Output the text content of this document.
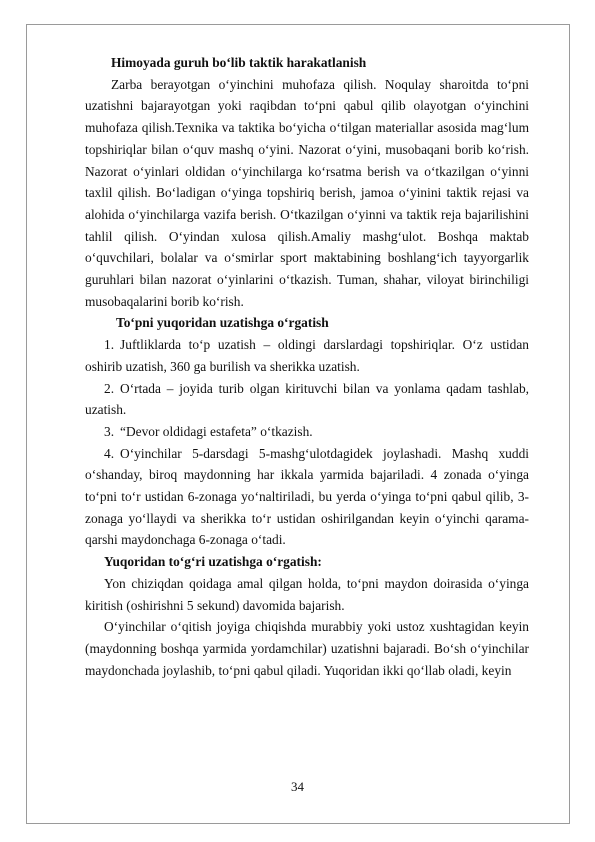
Himoyada guruh bo‘lib taktik harakatlanish

Zarba berayotgan o‘yinchini muhofaza qilish. Noqulay sharoitda to‘pni uzatishni bajarayotgan yoki raqibdan to‘pni qabul qilib olayotgan o‘yinchini muhofaza qilish.Texnika va taktika bo‘yicha o‘tilgan materiallar asosida mag‘lum topshiriqlar bilan o‘quv mashq o‘yini. Nazorat o‘yini, musobaqani borib ko‘rish. Nazorat o‘yinlari oldidan o‘yinchilarga ko‘rsatma berish va o‘tkazilgan o‘yinni taxlil qilish. Bo‘ladigan o‘yinga topshiriq berish, jamoa o‘yinini taktik rejasi va alohida o‘yinchilarga vazifa berish. O‘tkazilgan o‘yinni va taktik reja bajarilishini tahlil qilish. O‘yindan xulosa qilish.Amaliy mashg‘ulot. Boshqa maktab o‘quvchilari, bolalar va o‘smirlar sport maktabining boshlang‘ich tayyorgarlik guruhlari bilan nazorat o‘yinlarini o‘tkazish. Tuman, shahar, viloyat birinchiligi musobaqalarini borib ko‘rish.

To‘pni yuqoridan uzatishga o‘rgatish

1. Juftliklarda to‘p uzatish – oldingi darslardagi topshiriqlar. O‘z ustidan oshirib uzatish, 360 ga burilish va sherikka uzatish.

2. O‘rtada – joyida turib olgan kirituvchi bilan va yonlama qadam tashlab, uzatish.

3. “Devor oldidagi estafeta” o‘tkazish.

4. O‘yinchilar 5-darsdagi 5-mashg‘ulotdagidek joylashadi. Mashq xuddi o‘shanday, biroq maydonning har ikkala yarmida bajariladi. 4 zonada o‘yinga to‘pni to‘r ustidan 6-zonaga yo‘naltiriladi, bu yerda o‘yinga to‘pni qabul qilib, 3-zonaga yo‘llaydi va sherikka to‘r ustidan oshirilgandan keyin o‘yinchi qarama-qarshi maydonchaga 6-zonaga o‘tadi.

Yuqoridan to‘g‘ri uzatishga o‘rgatish:

Yon chiziqdan qoidaga amal qilgan holda, to‘pni maydon doirasida o‘yinga kiritish (oshirishni 5 sekund) davomida bajarish.

O‘yinchilar o‘qitish joyiga chiqishda murabbiy yoki ustoz xushtagidan keyin (maydonning boshqa yarmida yordamchilar) uzatishni bajaradi. Bo‘sh o‘yinchilar maydonchada joylashib, to‘pni qabul qiladi. Yuqoridan ikki qo‘llab oladi, keyin

34
